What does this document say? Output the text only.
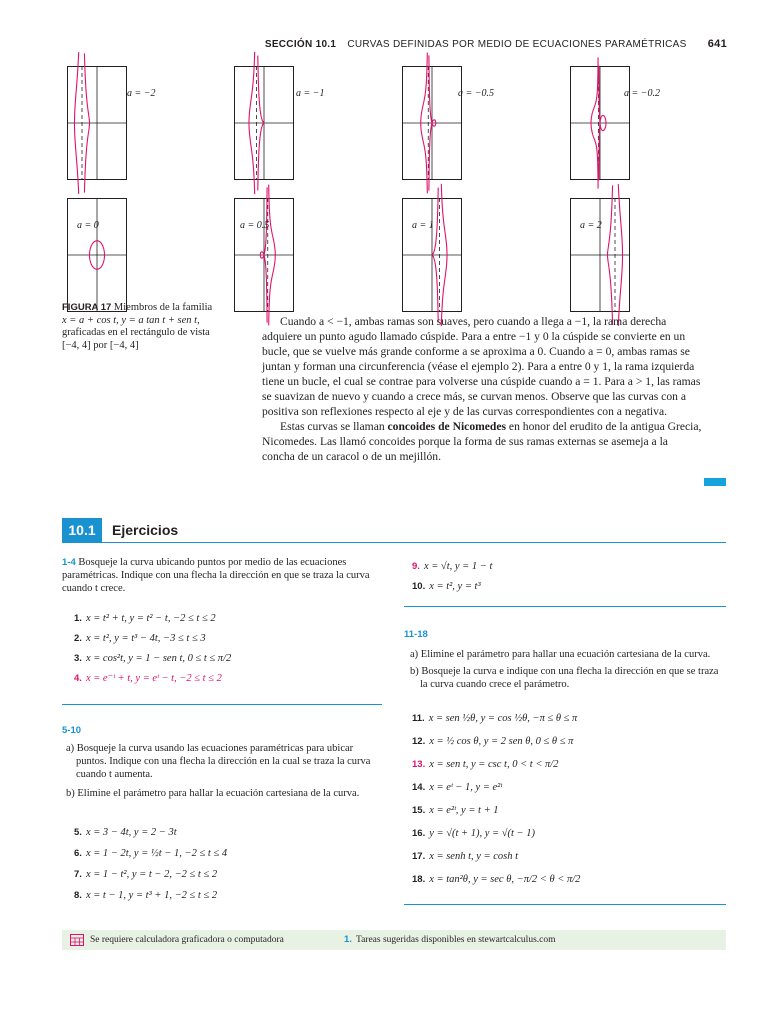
SECCIÓN 10.1 CURVAS DEFINIDAS POR MEDIO DE ECUACIONES PARAMÉTRICAS 641
a = −2	a = −1	a = −0.5	a = −0.2
a = 0	a = 0.5	a = 1	a = 2
FIGURA 17 Miembros de la familia
x = a + cos t, y = a tan t + sen t,
graficadas en el rectángulo de vista
[−4, 4] por [−4, 4]

Cuando a < −1, ambas ramas son suaves, pero cuando a llega a −1, la rama derecha adquiere un punto agudo llamado cúspide. Para a entre −1 y 0 la cúspide se convierte en un bucle, que se vuelve más grande conforme a se aproxima a 0. Cuando a = 0, ambas ramas se juntan y forman una circunferencia (véase el ejemplo 2). Para a entre 0 y 1, la rama izquierda tiene un bucle, el cual se contrae para volverse una cúspide cuando a = 1. Para a > 1, las ramas se suavizan de nuevo y cuando a crece más, se curvan menos. Observe que las curvas con a positiva son reflexiones respecto al eje y de las curvas correspondientes con a negativa.

Estas curvas se llaman concoides de Nicomedes en honor del erudito de la antigua Grecia, Nicomedes. Las llamó concoides porque la forma de sus ramas externas se asemeja a la concha de un caracol o de un mejillón.

10.1	Ejercicios
1-4 Bosqueje la curva ubicando puntos por medio de las ecuaciones paramétricas. Indique con una flecha la dirección en que se traza la curva cuando t crece.
1. x = t² + t, y = t² − t, −2 ≤ t ≤ 2
2. x = t², y = t³ − 4t, −3 ≤ t ≤ 3
3. x = cos²t, y = 1 − sen t, 0 ≤ t ≤ π/2
4. x = e⁻ᵗ + t, y = eᵗ − t, −2 ≤ t ≤ 2
5-10
a) Bosqueje la curva usando las ecuaciones paramétricas para ubicar puntos. Indique con una flecha la dirección en la cual se traza la curva cuando t aumenta.
b) Elimine el parámetro para hallar la ecuación cartesiana de la curva.
5. x = 3 − 4t, y = 2 − 3t
6. x = 1 − 2t, y = ½t − 1, −2 ≤ t ≤ 4
7. x = 1 − t², y = t − 2, −2 ≤ t ≤ 2
8. x = t − 1, y = t³ + 1, −2 ≤ t ≤ 2
9. x = √t, y = 1 − t
10. x = t², y = t³
11-18
a) Elimine el parámetro para hallar una ecuación cartesiana de la curva.
b) Bosqueje la curva e indique con una flecha la dirección en que se traza la curva cuando crece el parámetro.
11. x = sen ½θ, y = cos ½θ, −π ≤ θ ≤ π
12. x = ½ cos θ, y = 2 sen θ, 0 ≤ θ ≤ π
13. x = sen t, y = csc t, 0 < t < π/2
14. x = eᵗ − 1, y = e²ᵗ
15. x = e²ᵗ, y = t + 1
16. y = √(t + 1), y = √(t − 1)
17. x = senh t, y = cosh t
18. x = tan²θ, y = sec θ, −π/2 < θ < π/2
Se requiere calculadora graficadora o computadora	1. Tareas sugeridas disponibles en stewartcalculus.com
